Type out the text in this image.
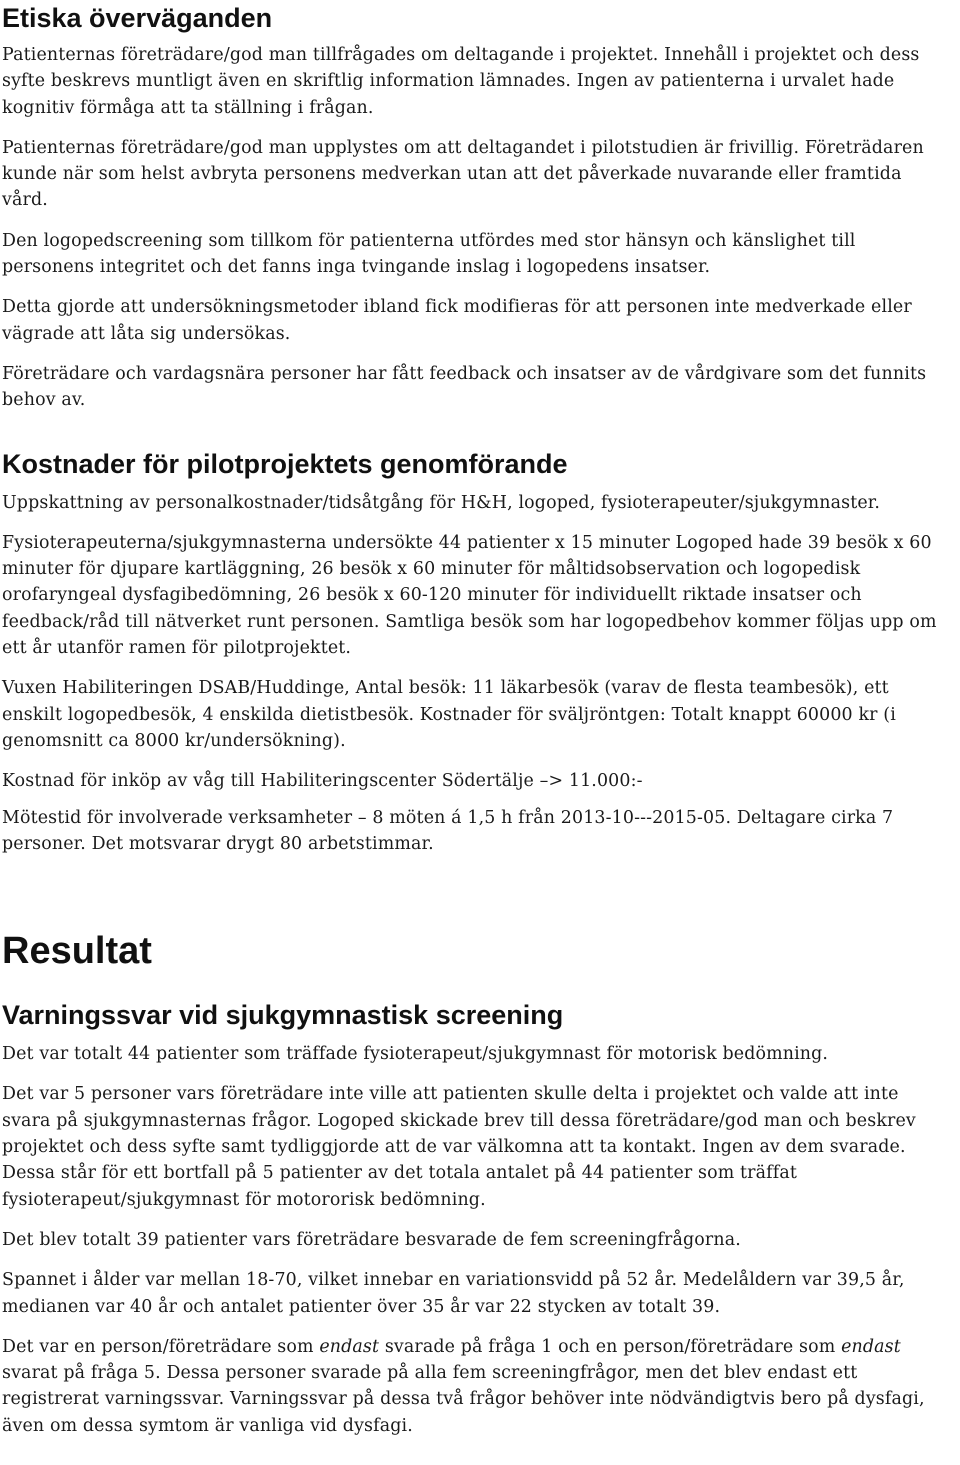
Etiska överväganden

Patienternas företrädare/god man tillfrågades om deltagande i projektet. Innehåll i projektet och dess syfte beskrevs muntligt även en skriftlig information lämnades. Ingen av patienterna i urvalet hade kognitiv förmåga att ta ställning i frågan.

Patienternas företrädare/god man upplystes om att deltagandet i pilotstudien är frivillig. Företrädaren kunde när som helst avbryta personens medverkan utan att det påverkade nuvarande eller framtida vård.

Den logopedscreening som tillkom för patienterna utfördes med stor hänsyn och känslighet till personens integritet och det fanns inga tvingande inslag i logopedens insatser.

Detta gjorde att undersökningsmetoder ibland fick modifieras för att personen inte medverkade eller vägrade att låta sig undersökas.

Företrädare och vardagsnära personer har fått feedback och insatser av de vårdgivare som det funnits behov av.

Kostnader för pilotprojektets genomförande

Uppskattning av personalkostnader/tidsåtgång för H&H, logoped, fysioterapeuter/sjukgymnaster.

Fysioterapeuterna/sjukgymnasterna undersökte 44 patienter x 15 minuter Logoped hade 39 besök x 60 minuter för djupare kartläggning, 26 besök x 60 minuter för måltidsobservation och logopedisk orofaryngeal dysfagibedömning, 26 besök x 60-120 minuter för individuellt riktade insatser och feedback/råd till nätverket runt personen. Samtliga besök som har logopedbehov kommer följas upp om ett år utanför ramen för pilotprojektet.

Vuxen Habiliteringen DSAB/Huddinge, Antal besök: 11 läkarbesök (varav de flesta teambesök), ett enskilt logopedbesök, 4 enskilda dietistbesök. Kostnader för sväljröntgen: Totalt knappt 60000 kr (i genomsnitt ca 8000 kr/undersökning).

Kostnad för inköp av våg till Habiliteringscenter Södertälje –> 11.000:-

Mötestid för involverade verksamheter – 8 möten á 1,5 h från 2013-10---2015-05. Deltagare cirka 7 personer. Det motsvarar drygt 80 arbetstimmar.

Resultat
Varningssvar vid sjukgymnastisk screening

Det var totalt 44 patienter som träffade fysioterapeut/sjukgymnast för motorisk bedömning.

Det var 5 personer vars företrädare inte ville att patienten skulle delta i projektet och valde att inte svara på sjukgymnasternas frågor. Logoped skickade brev till dessa företrädare/god man och beskrev projektet och dess syfte samt tydliggjorde att de var välkomna att ta kontakt. Ingen av dem svarade. Dessa står för ett bortfall på 5 patienter av det totala antalet på 44 patienter som träffat fysioterapeut/sjukgymnast för motororisk bedömning.

Det blev totalt 39 patienter vars företrädare besvarade de fem screeningfrågorna.

Spannet i ålder var mellan 18-70, vilket innebar en variationsvidd på 52 år. Medelåldern var 39,5 år, medianen var 40 år och antalet patienter över 35 år var 22 stycken av totalt 39.

Det var en person/företrädare som endast svarade på fråga 1 och en person/företrädare som endast svarat på fråga 5. Dessa personer svarade på alla fem screeningfrågor, men det blev endast ett registrerat varningssvar. Varningssvar på dessa två frågor behöver inte nödvändigtvis bero på dysfagi, även om dessa symtom är vanliga vid dysfagi.
